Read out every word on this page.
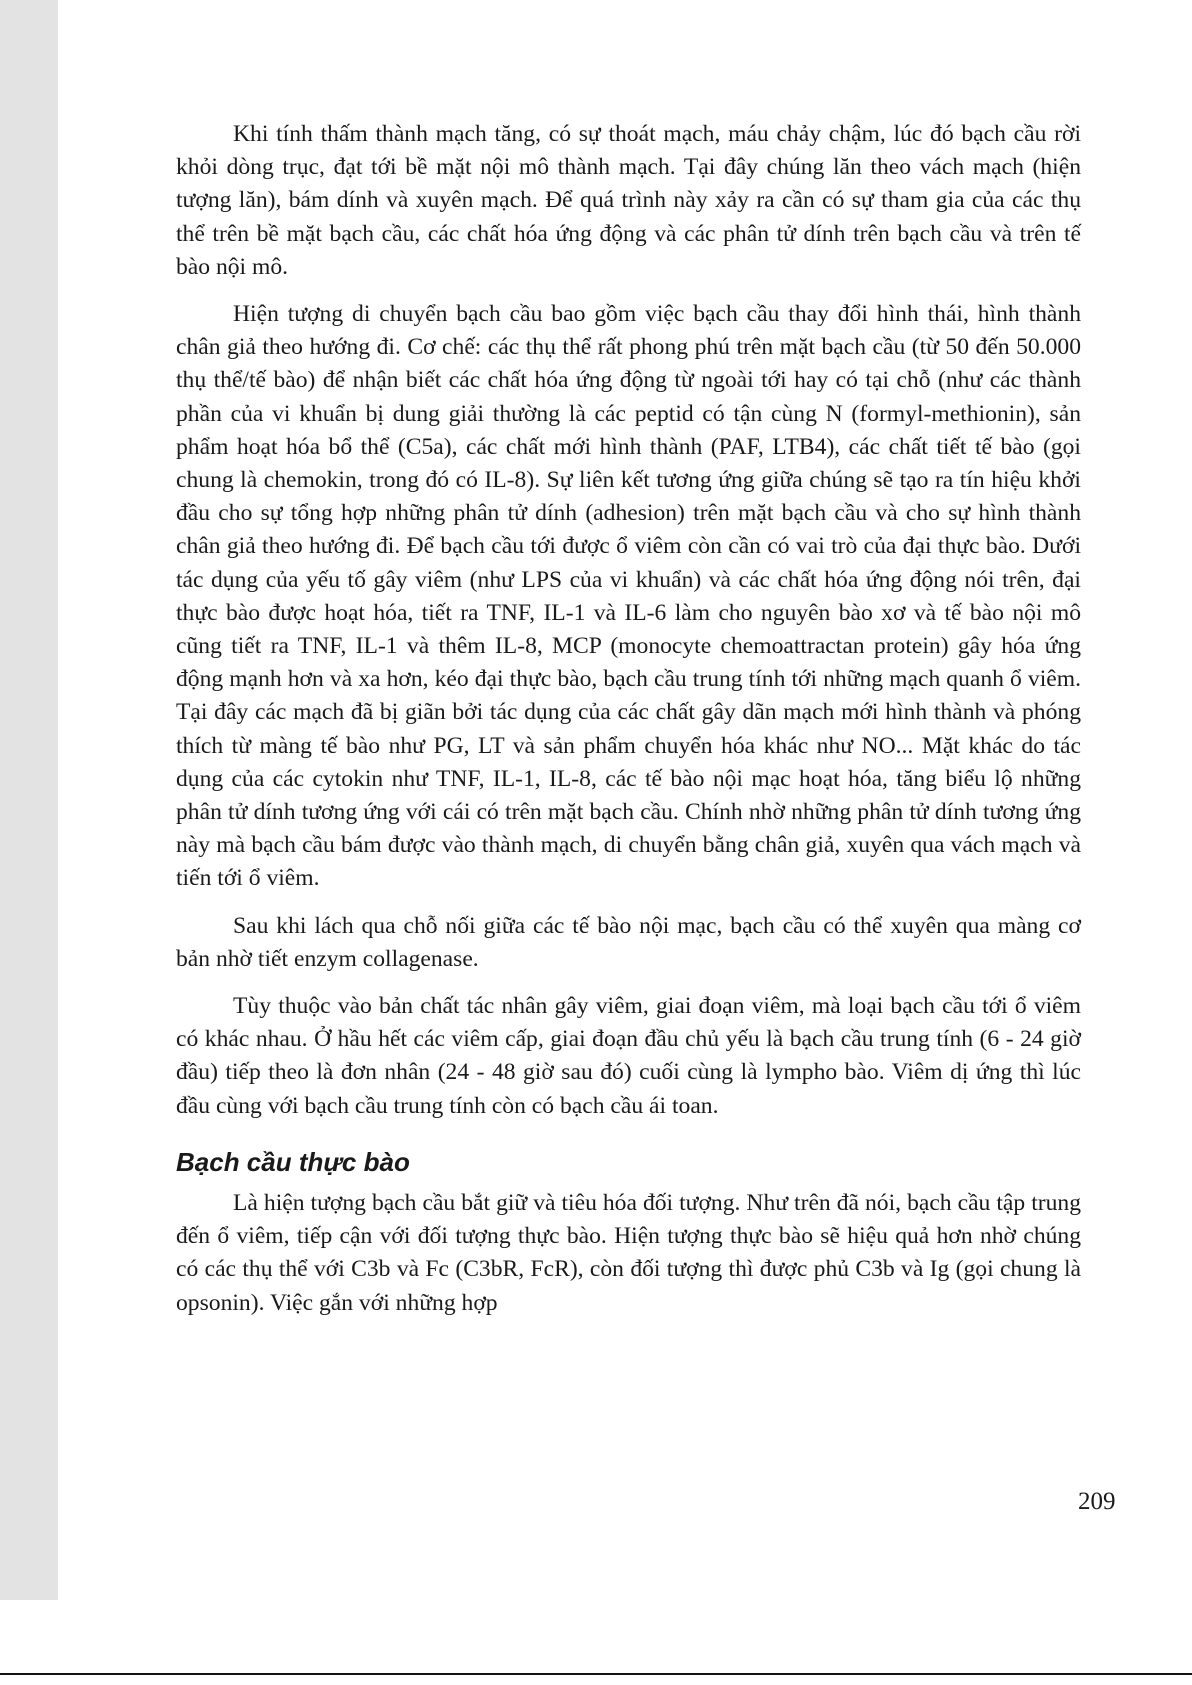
Khi tính thấm thành mạch tăng, có sự thoát mạch, máu chảy chậm, lúc đó bạch cầu rời khỏi dòng trục, đạt tới bề mặt nội mô thành mạch. Tại đây chúng lăn theo vách mạch (hiện tượng lăn), bám dính và xuyên mạch. Để quá trình này xảy ra cần có sự tham gia của các thụ thể trên bề mặt bạch cầu, các chất hóa ứng động và các phân tử dính trên bạch cầu và trên tế bào nội mô.

Hiện tượng di chuyển bạch cầu bao gồm việc bạch cầu thay đổi hình thái, hình thành chân giả theo hướng đi. Cơ chế: các thụ thể rất phong phú trên mặt bạch cầu (từ 50 đến 50.000 thụ thể/tế bào) để nhận biết các chất hóa ứng động từ ngoài tới hay có tại chỗ (như các thành phần của vi khuẩn bị dung giải thường là các peptid có tận cùng N (formyl-methionin), sản phẩm hoạt hóa bổ thể (C5a), các chất mới hình thành (PAF, LTB4), các chất tiết tế bào (gọi chung là chemokin, trong đó có IL-8). Sự liên kết tương ứng giữa chúng sẽ tạo ra tín hiệu khởi đầu cho sự tổng hợp những phân tử dính (adhesion) trên mặt bạch cầu và cho sự hình thành chân giả theo hướng đi. Để bạch cầu tới được ổ viêm còn cần có vai trò của đại thực bào. Dưới tác dụng của yếu tố gây viêm (như LPS của vi khuẩn) và các chất hóa ứng động nói trên, đại thực bào được hoạt hóa, tiết ra TNF, IL-1 và IL-6 làm cho nguyên bào xơ và tế bào nội mô cũng tiết ra TNF, IL-1 và thêm IL-8, MCP (monocyte chemoattractan protein) gây hóa ứng động mạnh hơn và xa hơn, kéo đại thực bào, bạch cầu trung tính tới những mạch quanh ổ viêm. Tại đây các mạch đã bị giãn bởi tác dụng của các chất gây dãn mạch mới hình thành và phóng thích từ màng tế bào như PG, LT và sản phẩm chuyển hóa khác như NO... Mặt khác do tác dụng của các cytokin như TNF, IL-1, IL-8, các tế bào nội mạc hoạt hóa, tăng biểu lộ những phân tử dính tương ứng với cái có trên mặt bạch cầu. Chính nhờ những phân tử dính tương ứng này mà bạch cầu bám được vào thành mạch, di chuyển bằng chân giả, xuyên qua vách mạch và tiến tới ổ viêm.

Sau khi lách qua chỗ nối giữa các tế bào nội mạc, bạch cầu có thể xuyên qua màng cơ bản nhờ tiết enzym collagenase.

Tùy thuộc vào bản chất tác nhân gây viêm, giai đoạn viêm, mà loại bạch cầu tới ổ viêm có khác nhau. Ở hầu hết các viêm cấp, giai đoạn đầu chủ yếu là bạch cầu trung tính (6 - 24 giờ đầu) tiếp theo là đơn nhân (24 - 48 giờ sau đó) cuối cùng là lympho bào. Viêm dị ứng thì lúc đầu cùng với bạch cầu trung tính còn có bạch cầu ái toan.

Bạch cầu thực bào

Là hiện tượng bạch cầu bắt giữ và tiêu hóa đối tượng. Như trên đã nói, bạch cầu tập trung đến ổ viêm, tiếp cận với đối tượng thực bào. Hiện tượng thực bào sẽ hiệu quả hơn nhờ chúng có các thụ thể với C3b và Fc (C3bR, FcR), còn đối tượng thì được phủ C3b và Ig (gọi chung là opsonin). Việc gắn với những hợp

209
